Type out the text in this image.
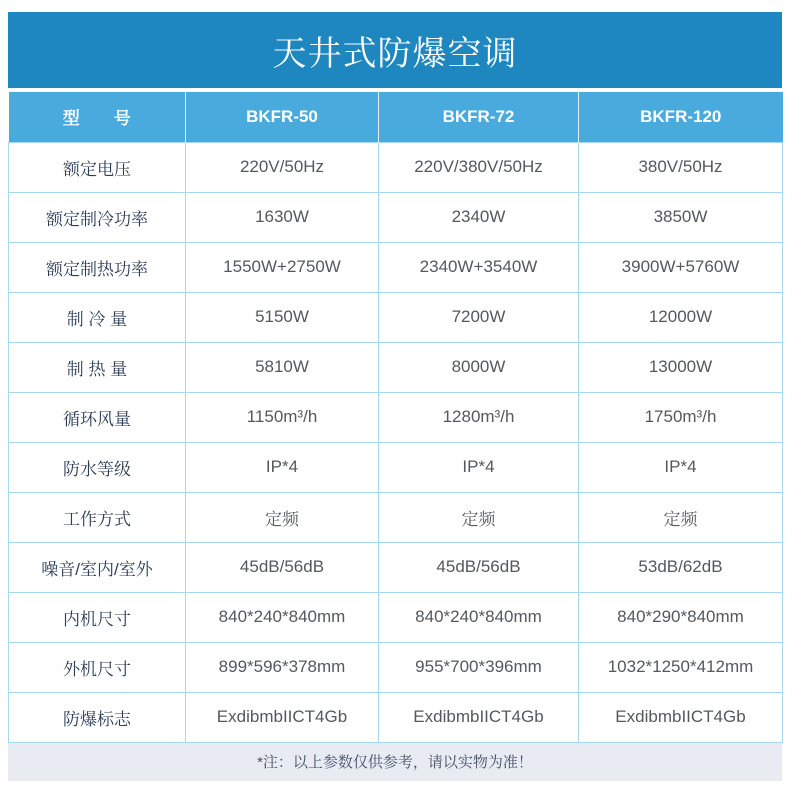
天井式防爆空调
型　　号	BKFR-50	BKFR-72	BKFR-120
额定电压	220V/50Hz	220V/380V/50Hz	380V/50Hz
额定制冷功率	1630W	2340W	3850W
额定制热功率	1550W+2750W	2340W+3540W	3900W+5760W
制 冷 量	5150W	7200W	12000W
制 热 量	5810W	8000W	13000W
循环风量	1150m³/h	1280m³/h	1750m³/h
防水等级	IP*4	IP*4	IP*4
工作方式	定频	定频	定频
噪音/室内/室外	45dB/56dB	45dB/56dB	53dB/62dB
内机尺寸	840*240*840mm	840*240*840mm	840*290*840mm
外机尺寸	899*596*378mm	955*700*396mm	1032*1250*412mm
防爆标志	ExdibmbIICT4Gb	ExdibmbIICT4Gb	ExdibmbIICT4Gb
*注：以上参数仅供参考，请以实物为准！
